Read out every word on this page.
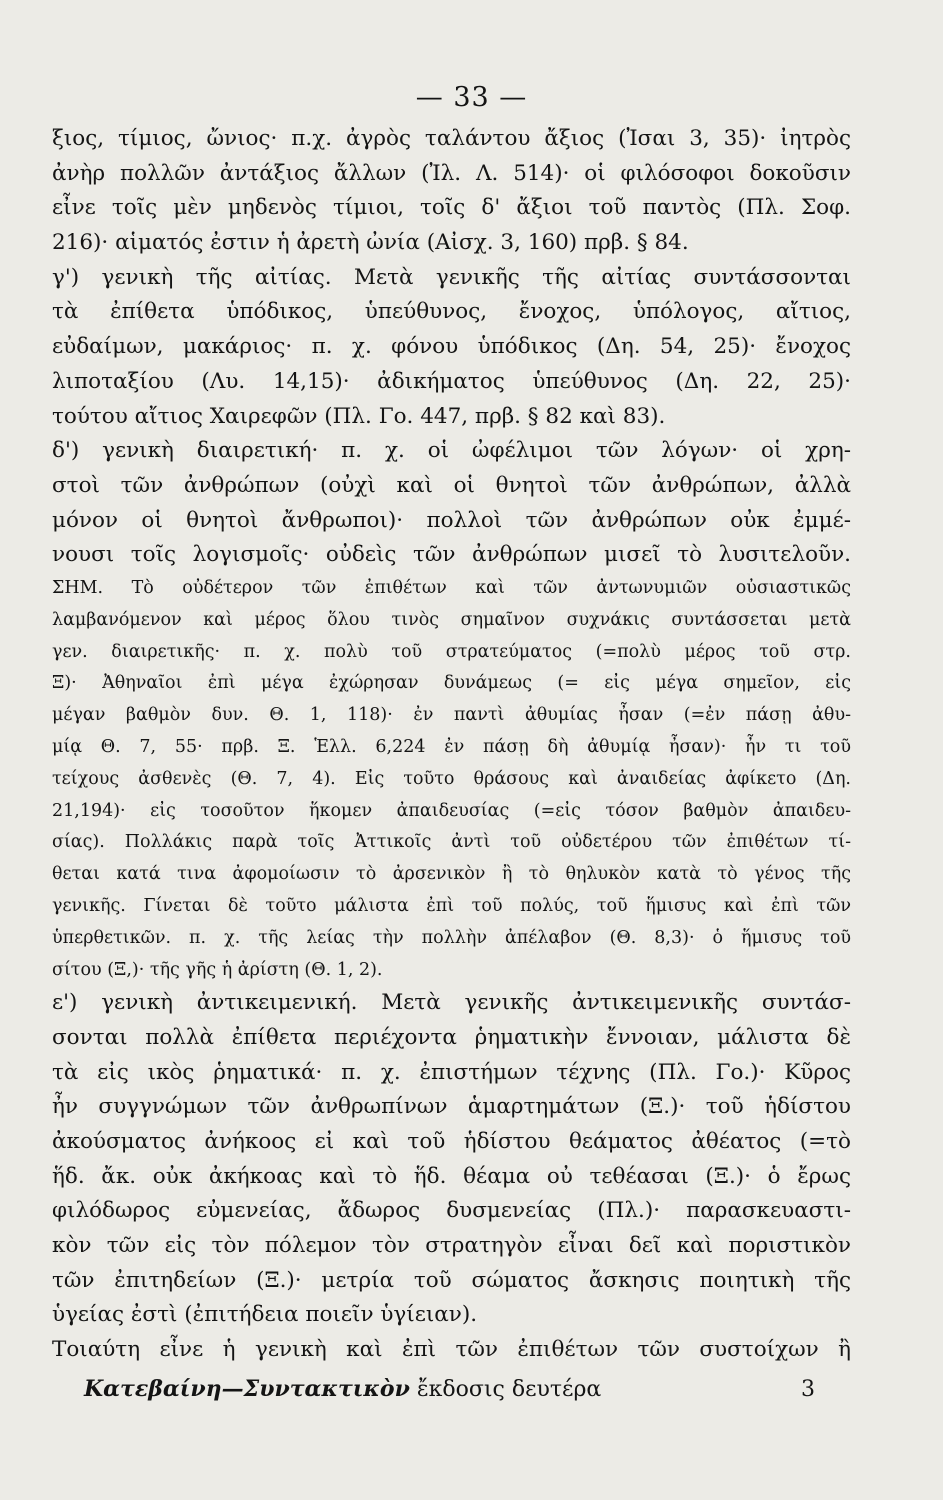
— 33 —
ξιος, τίμιος, ὤνιος· π.χ. ἀγρὸς ταλάντου ἄξιος (Ἰσαι 3, 35)· ἰητρὸς
ἀνὴρ πολλῶν ἀντάξιος ἄλλων (Ἰλ. Λ. 514)· οἱ φιλόσοφοι δοκοῦσιν
εἶνε τοῖς μὲν μηδενὸς τίμιοι, τοῖς δ' ἄξιοι τοῦ παντὸς (Πλ. Σοφ.
216)· αἱματός ἐστιν ἡ ἀρετὴ ὠνία (Αἰσχ. 3, 160) πρβ. § 84.
γ') γενικὴ τῆς αἰτίας. Μετὰ γενικῆς τῆς αἰτίας συντάσσονται
τὰ ἐπίθετα ὑπόδικος, ὑπεύθυνος, ἔνοχος, ὑπόλογος, αἴτιος,
εὐδαίμων, μακάριος· π. χ. φόνου ὑπόδικος (Δη. 54, 25)· ἔνοχος
λιποταξίου (Λυ. 14,15)· ἀδικήματος ὑπεύθυνος (Δη. 22, 25)·
τούτου αἴτιος Χαιρεφῶν (Πλ. Γο. 447, πρβ. § 82 καὶ 83).
δ') γενικὴ διαιρετική· π. χ. οἱ ὠφέλιμοι τῶν λόγων· οἱ χρη-
στοὶ τῶν ἀνθρώπων (οὐχὶ καὶ οἱ θνητοὶ τῶν ἀνθρώπων, ἀλλὰ
μόνον οἱ θνητοὶ ἄνθρωποι)· πολλοὶ τῶν ἀνθρώπων οὐκ ἐμμέ-
νουσι τοῖς λογισμοῖς· οὐδεὶς τῶν ἀνθρώπων μισεῖ τὸ λυσιτελοῦν.
ΣΗΜ. Τὸ οὐδέτερον τῶν ἐπιθέτων καὶ τῶν ἀντωνυμιῶν οὐσιαστικῶς
λαμβανόμενον καὶ μέρος ὅλου τινὸς σημαῖνον συχνάκις συντάσσεται μετὰ
γεν. διαιρετικῆς· π. χ. πολὺ τοῦ στρατεύματος (=πολὺ μέρος τοῦ στρ.
Ξ)· Ἀθηναῖοι ἐπὶ μέγα ἐχώρησαν δυνάμεως (= εἰς μέγα σημεῖον, εἰς
μέγαν βαθμὸν δυν. Θ. 1, 118)· ἐν παντὶ ἀθυμίας ἦσαν (=ἐν πάσῃ ἀθυ-
μίᾳ Θ. 7, 55· πρβ. Ξ. Ἑλλ. 6,224 ἐν πάσῃ δὴ ἀθυμίᾳ ἦσαν)· ἦν τι τοῦ
τείχους ἀσθενὲς (Θ. 7, 4). Εἰς τοῦτο θράσους καὶ ἀναιδείας ἀφίκετο (Δη.
21,194)· εἰς τοσοῦτον ἥκομεν ἀπαιδευσίας (=εἰς τόσον βαθμὸν ἀπαιδευ-
σίας). Πολλάκις παρὰ τοῖς Ἀττικοῖς ἀντὶ τοῦ οὐδετέρου τῶν ἐπιθέτων τί-
θεται κατά τινα ἀφομοίωσιν τὸ ἀρσενικὸν ἢ τὸ θηλυκὸν κατὰ τὸ γένος τῆς
γενικῆς. Γίνεται δὲ τοῦτο μάλιστα ἐπὶ τοῦ πολύς, τοῦ ἥμισυς καὶ ἐπὶ τῶν
ὑπερθετικῶν. π. χ. τῆς λείας τὴν πολλὴν ἀπέλαβον (Θ. 8,3)· ὁ ἥμισυς τοῦ
σίτου (Ξ,)· τῆς γῆς ἡ ἀρίστη (Θ. 1, 2).
ε') γενικὴ ἀντικειμενική. Μετὰ γενικῆς ἀντικειμενικῆς συντάσ-
σονται πολλὰ ἐπίθετα περιέχοντα ῥηματικὴν ἔννοιαν, μάλιστα δὲ
τὰ εἰς ικὸς ῥηματικά· π. χ. ἐπιστήμων τέχνης (Πλ. Γο.)· Κῦρος
ἦν συγγνώμων τῶν ἀνθρωπίνων ἁμαρτημάτων (Ξ.)· τοῦ ἡδίστου
ἀκούσματος ἀνήκοος εἰ καὶ τοῦ ἡδίστου θεάματος ἀθέατος (=τὸ
ἥδ. ἄκ. οὐκ ἀκήκοας καὶ τὸ ἥδ. θέαμα οὐ τεθέασαι (Ξ.)· ὁ ἔρως
φιλόδωρος εὐμενείας, ἄδωρος δυσμενείας (Πλ.)· παρασκευαστι-
κὸν τῶν εἰς τὸν πόλεμον τὸν στρατηγὸν εἶναι δεῖ καὶ ποριστικὸν
τῶν ἐπιτηδείων (Ξ.)· μετρία τοῦ σώματος ἄσκησις ποιητικὴ τῆς
ὑγείας ἐστὶ (ἐπιτήδεια ποιεῖν ὑγίειαν).
Τοιαύτη εἶνε ἡ γενικὴ καὶ ἐπὶ τῶν ἐπιθέτων τῶν συστοίχων ἢ
Κατεβαίνη—Συντακτικὸν ἔκδοσις δευτέρα	3
